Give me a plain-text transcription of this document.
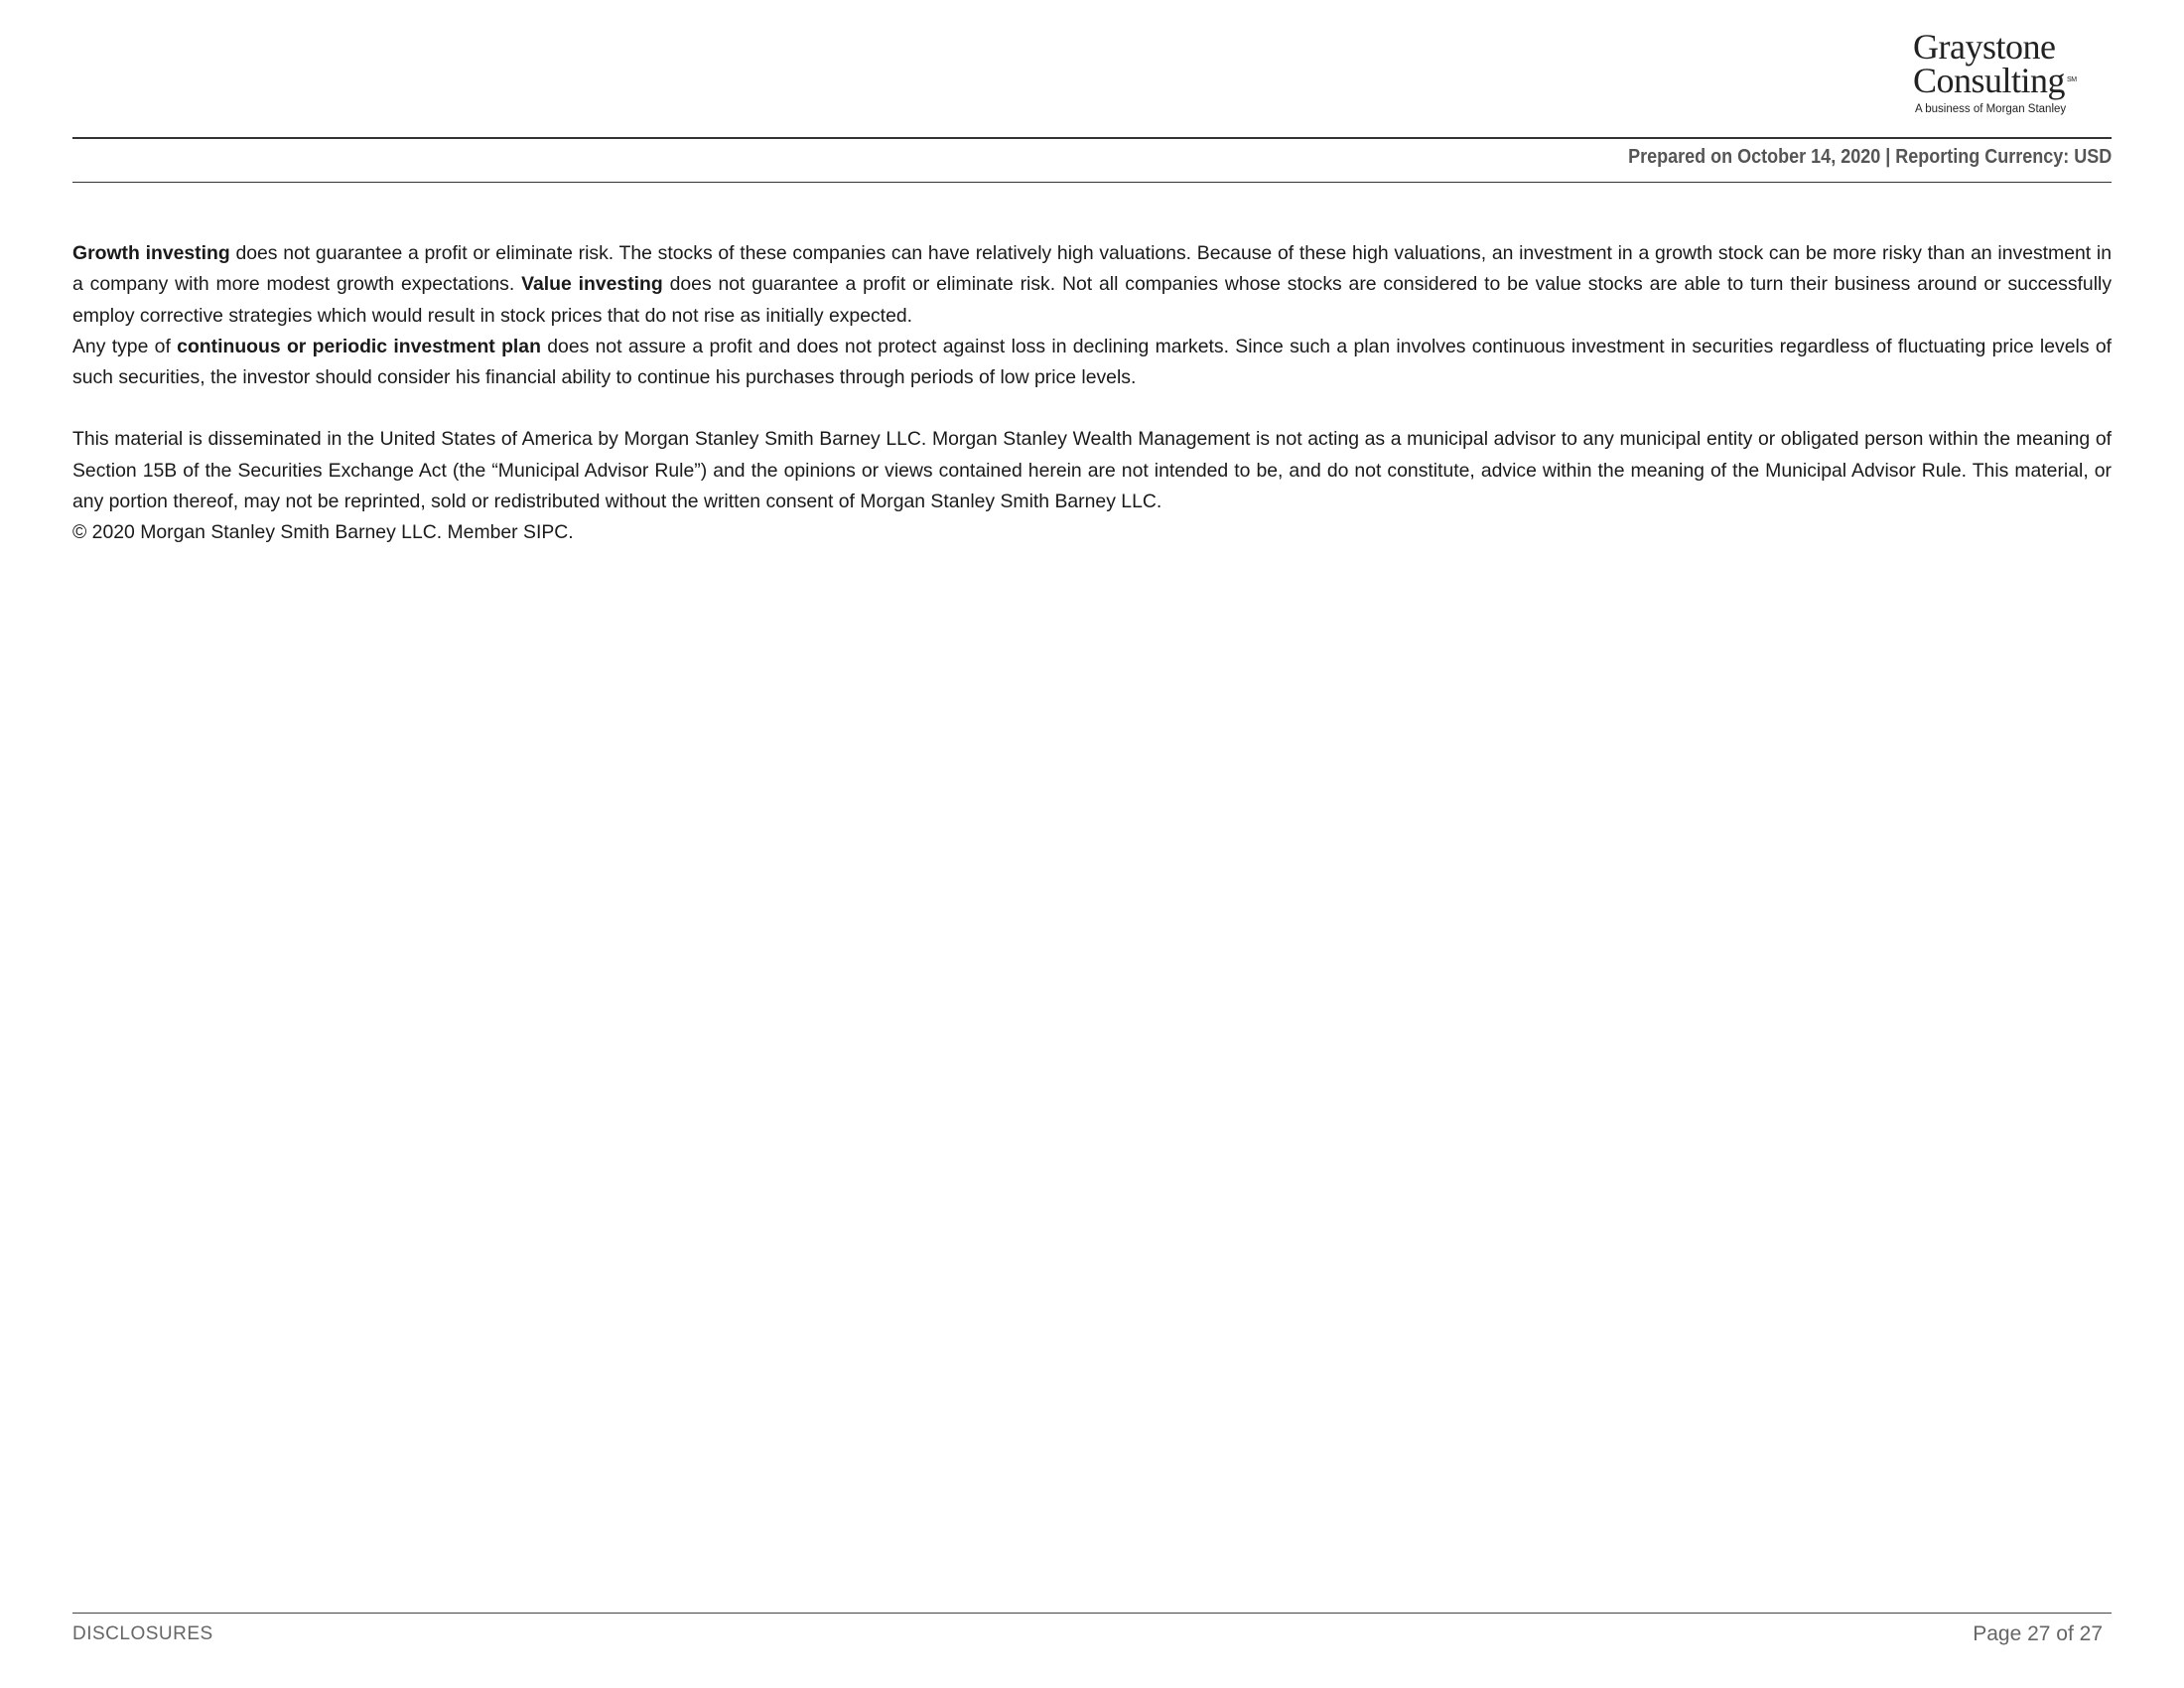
Graystone
Consulting ℠
A business of Morgan Stanley
Prepared on October 14, 2020 | Reporting Currency: USD

Growth investing does not guarantee a profit or eliminate risk. The stocks of these companies can have relatively high valuations. Because of these high valuations, an investment in a growth stock can be more risky than an investment in a company with more modest growth expectations. Value investing does not guarantee a profit or eliminate risk. Not all companies whose stocks are considered to be value stocks are able to turn their business around or successfully employ corrective strategies which would result in stock prices that do not rise as initially expected.

Any type of continuous or periodic investment plan does not assure a profit and does not protect against loss in declining markets. Since such a plan involves continuous investment in securities regardless of fluctuating price levels of such securities, the investor should consider his financial ability to continue his purchases through periods of low price levels.

This material is disseminated in the United States of America by Morgan Stanley Smith Barney LLC. Morgan Stanley Wealth Management is not acting as a municipal advisor to any municipal entity or obligated person within the meaning of Section 15B of the Securities Exchange Act (the “Municipal Advisor Rule”) and the opinions or views contained herein are not intended to be, and do not constitute, advice within the meaning of the Municipal Advisor Rule. This material, or any portion thereof, may not be reprinted, sold or redistributed without the written consent of Morgan Stanley Smith Barney LLC.

© 2020 Morgan Stanley Smith Barney LLC. Member SIPC.

DISCLOSURES	Page 27 of 27
